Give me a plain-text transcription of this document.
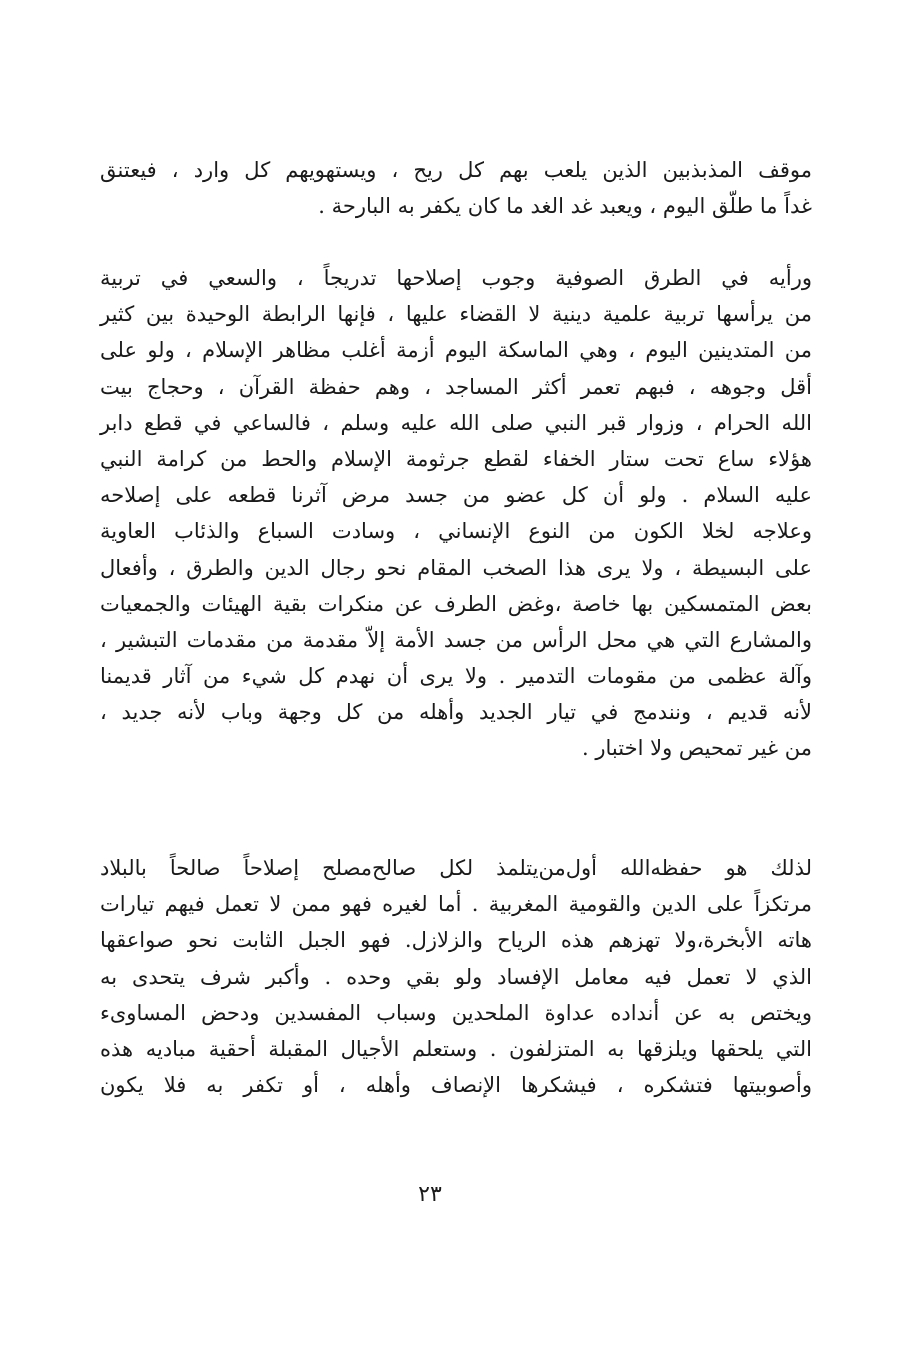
موقف المذبذبين الذين يلعب بهم كل ريح ، ويستهويهم كل وارد ، فيعتنق
غداً ما طلّق اليوم ، ويعبد غد الغد ما كان يكفر به البارحة .
ورأيه في الطرق الصوفية وجوب إصلاحها تدريجاً ، والسعي في تربية
من يرأسها تربية علمية دينية لا القضاء عليها ، فإنها الرابطة الوحيدة بين كثير
من المتدينين اليوم ، وهي الماسكة اليوم أزمة أغلب مظاهر الإسلام ، ولو على
أقل وجوهه ، فبهم تعمر أكثر المساجد ، وهم حفظة القرآن ، وحجاج بيت
الله الحرام ، وزوار قبر النبي صلى الله عليه وسلم ، فالساعي في قطع دابر
هؤلاء ساع تحت ستار الخفاء لقطع جرثومة الإسلام والحط من كرامة النبي
عليه السلام . ولو أن كل عضو من جسد مرض آثرنا قطعه على إصلاحه
وعلاجه لخلا الكون من النوع الإنساني ، وسادت السباع والذئاب العاوية
على البسيطة ، ولا يرى هذا الصخب المقام نحو رجال الدين والطرق ، وأفعال
بعض المتمسكين بها خاصة ،وغض الطرف عن منكرات بقية الهيئات والجمعيات
والمشارع التي هي محل الرأس من جسد الأمة إلاّ مقدمة من مقدمات التبشير ،
وآلة عظمى من مقومات التدمير . ولا يرى أن نهدم كل شيء من آثار قديمنا
لأنه قديم ، ونندمج في تيار الجديد وأهله من كل وجهة وباب لأنه جديد ،
من غير تمحيص ولا اختبار .
لذلك هو حفظه‌الله أول‌من‌يتلمذ لكل صالح‌مصلح إصلاحاً صالحاً بالبلاد
مرتكزاً على الدين والقومية المغربية . أما لغيره فهو ممن لا تعمل فيهم تيارات
هاته الأبخرة،ولا تهزهم هذه الرياح والزلازل. فهو الجبل الثابت نحو صواعقها
الذي لا تعمل فيه معامل الإفساد ولو بقي وحده . وأكبر شرف يتحدى به
ويختص به عن أنداده عداوة الملحدين وسباب المفسدين ودحض المساوىء
التي يلحقها ويلزقها به المتزلفون . وستعلم الأجيال المقبلة أحقية مباديه هذه
وأصوبيتها فتشكره ، فيشكرها الإنصاف وأهله ، أو تكفر به فلا يكون
٢٣
